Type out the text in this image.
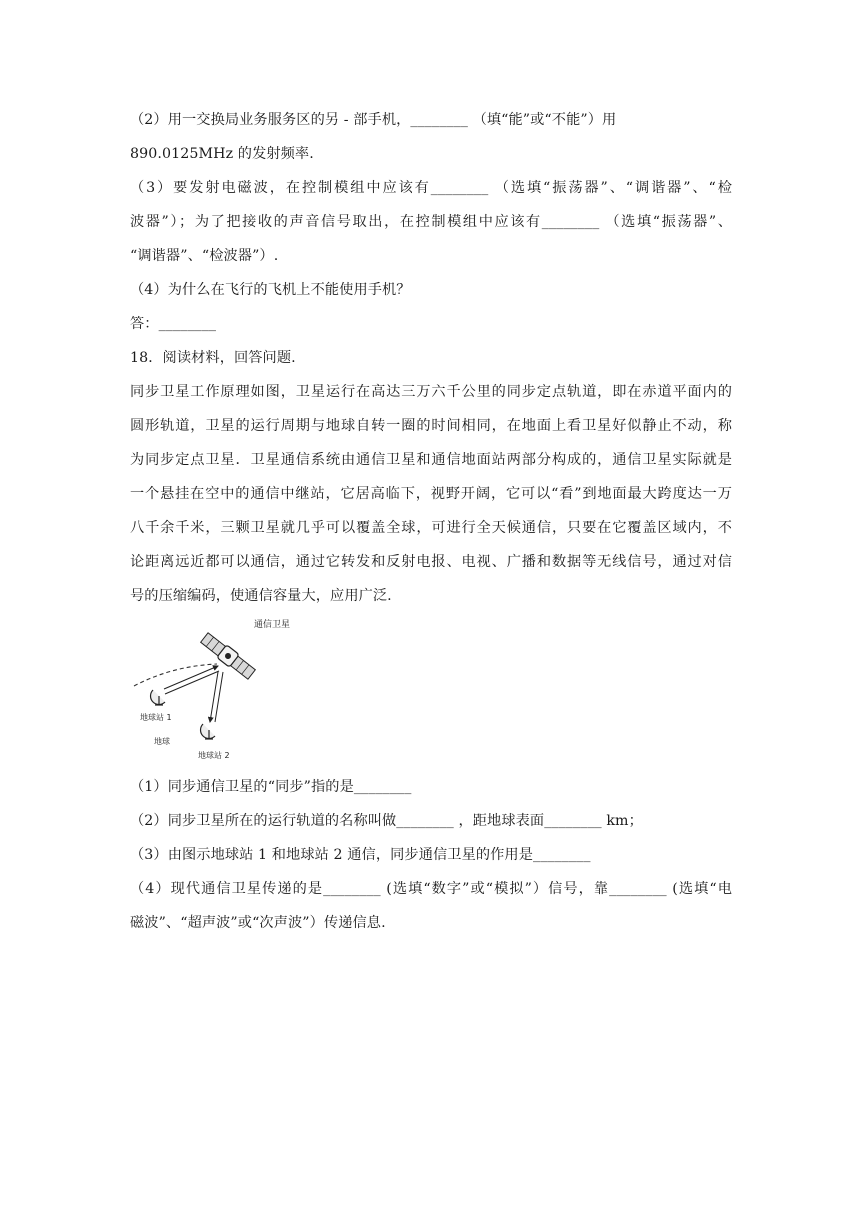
（2）用一交换局业务服务区的另 - 部手机，________ （填“能”或“不能”）用
890.0125MHz 的发射频率.
（3）要发射电磁波，在控制模组中应该有________ （选填“振荡器”、“调谐器”、“检
波器”）；为了把接收的声音信号取出，在控制模组中应该有________ （选填“振荡器”、
“调谐器”、“检波器”）.
（4）为什么在飞行的飞机上不能使用手机？
答：________
18．阅读材料，回答问题.
同步卫星工作原理如图，卫星运行在高达三万六千公里的同步定点轨道，即在赤道平面内的
圆形轨道，卫星的运行周期与地球自转一圈的时间相同，在地面上看卫星好似静止不动，称
为同步定点卫星．卫星通信系统由通信卫星和通信地面站两部分构成的，通信卫星实际就是
一个悬挂在空中的通信中继站，它居高临下，视野开阔，它可以“看”到地面最大跨度达一万
八千余千米，三颗卫星就几乎可以覆盖全球，可进行全天候通信，只要在它覆盖区域内，不
论距离远近都可以通信，通过它转发和反射电报、电视、广播和数据等无线信号，通过对信
号的压缩编码，使通信容量大，应用广泛.
通信卫星
地球站 1
地球
地球站 2
（1）同步通信卫星的“同步”指的是________
（2）同步卫星所在的运行轨道的名称叫做________ ，距地球表面________ km；
（3）由图示地球站 1 和地球站 2 通信，同步通信卫星的作用是________
（4）现代通信卫星传递的是________ (选填“数字”或“模拟”）信号，靠________ (选填“电
磁波”、“超声波”或“次声波”）传递信息.
